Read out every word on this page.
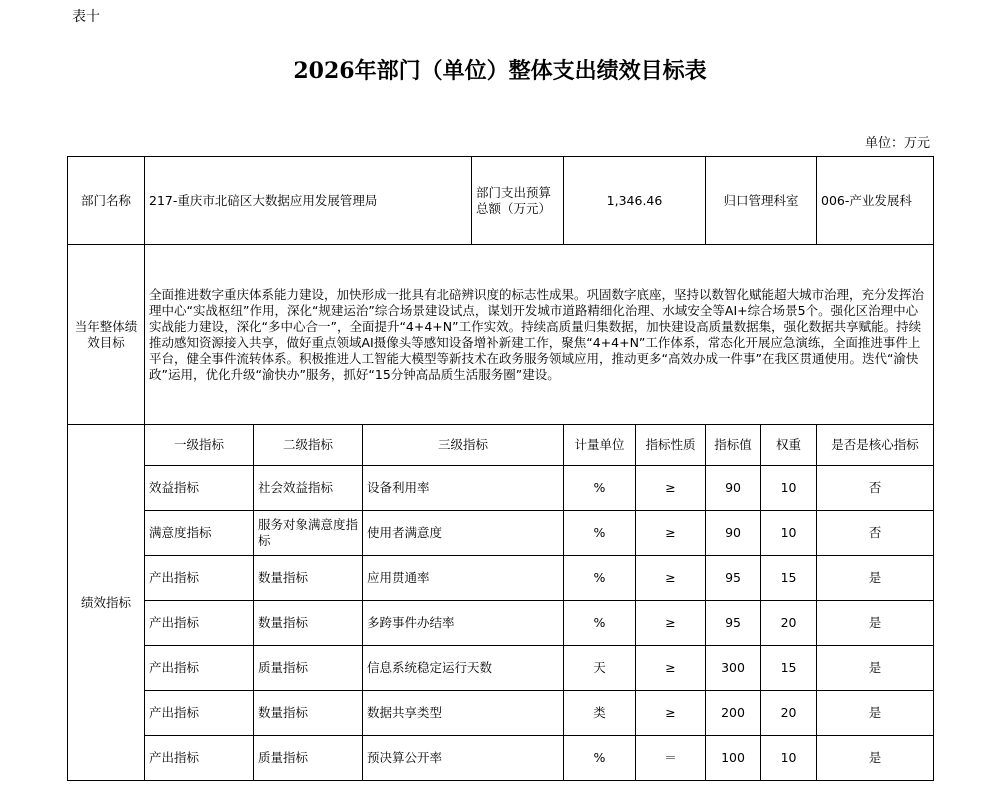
表十
2026年部门（单位）整体支出绩效目标表
单位：万元
部门名称	217-重庆市北碚区大数据应用发展管理局			部门支出预算总额（万元）	1,346.46		归口管理科室		006-产业发展科
当年整体绩效目标	全面推进数字重庆体系能力建设，加快形成一批具有北碚辨识度的标志性成果。巩固数字底座，坚持以数智化赋能超大城市治理，充分发挥治理中心“实战枢纽”作用，深化“规建运治”综合场景建设试点，谋划开发城市道路精细化治理、水域安全等AI+综合场景5个。强化区治理中心实战能力建设，深化“多中心合一”，全面提升“4+4+N”工作实效。持续高质量归集数据，加快建设高质量数据集，强化数据共享赋能。持续推动感知资源接入共享，做好重点领域AI摄像头等感知设备增补新建工作，聚焦“4+4+N”工作体系，常态化开展应急演练，全面推进事件上平台，健全事件流转体系。积极推进人工智能大模型等新技术在政务服务领域应用，推动更多“高效办成一件事”在我区贯通使用。迭代“渝快政”运用，优化升级“渝快办”服务，抓好“15分钟高品质生活服务圈”建设。								
绩效指标	一级指标	二级指标	三级指标		计量单位	指标性质	指标值	权重	是否是核心指标
	效益指标	社会效益指标	设备利用率		%	≥	90	10	否
	满意度指标	服务对象满意度指标	使用者满意度		%	≥	90	10	否
	产出指标	数量指标	应用贯通率		%	≥	95	15	是
	产出指标	数量指标	多跨事件办结率		%	≥	95	20	是
	产出指标	质量指标	信息系统稳定运行天数		天	≥	300	15	是
	产出指标	数量指标	数据共享类型		类	≥	200	20	是
	产出指标	质量指标	预决算公开率		%	＝	100	10	是
